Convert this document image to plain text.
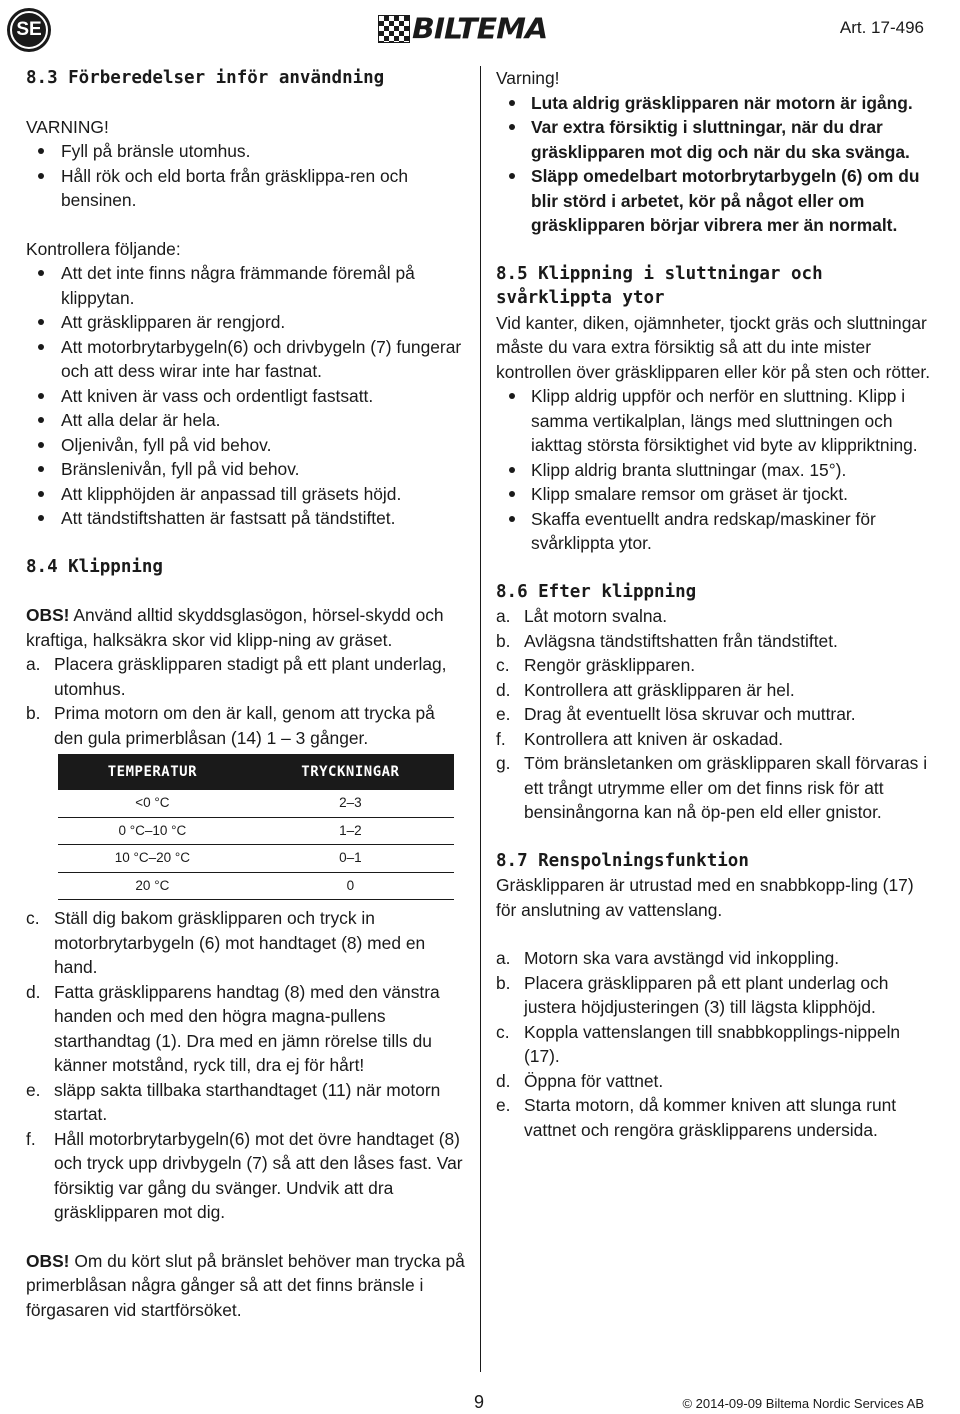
SE	BILTEMA	Art. 17-496

8.3 Förberedelser inför användning

VARNING!

Fyll på bränsle utomhus.
Håll rök och eld borta från gräsklippa-ren och bensinen.

Kontrollera följande:

Att det inte finns några främmande föremål på klippytan.
Att gräsklipparen är rengjord.
Att motorbrytarbygeln(6) och drivbygeln (7) fungerar och att dess wirar inte har fastnat.
Att kniven är vass och ordentligt fastsatt.
Att alla delar är hela.
Oljenivån, fyll på vid behov.
Bränslenivån, fyll på vid behov.
Att klipphöjden är anpassad till gräsets höjd.
Att tändstiftshatten är fastsatt på tändstiftet.

8.4 Klippning

OBS! Använd alltid skyddsglasögon, hörsel-skydd och kraftiga, halksäkra skor vid klipp-ning av gräset.

a. Placera gräsklipparen stadigt på ett plant underlag, utomhus.
b. Prima motorn om den är kall, genom att trycka på den gula primerblåsan (14) 1 – 3 gånger.
TEMPERATUR	TRYCKNINGAR
<0 °C	2–3
0 °C–10 °C	1–2
10 °C–20 °C	0–1
20 °C	0
c. Ställ dig bakom gräsklipparen och tryck in motorbrytarbygeln (6) mot handtaget (8) med en hand.
d. Fatta gräsklipparens handtag (8) med den vänstra handen och med den högra magna-pullens starthandtag (1). Dra med en jämn rörelse tills du känner motstånd, ryck till, dra ej för hårt!
e. släpp sakta tillbaka starthandtaget (11) när motorn startat.
f. Håll motorbrytarbygeln(6) mot det övre handtaget (8) och tryck upp drivbygeln (7) så att den låses fast. Var försiktig var gång du svänger. Undvik att dra gräsklipparen mot dig.

OBS! Om du kört slut på bränslet behöver man trycka på primerblåsan några gånger så att det finns bränsle i förgasaren vid startförsöket.

Varning!

Luta aldrig gräsklipparen när motorn är igång.
Var extra försiktig i sluttningar, när du drar gräsklipparen mot dig och när du ska svänga.
Släpp omedelbart motorbrytarbygeln (6) om du blir störd i arbetet, kör på något eller om gräsklipparen börjar vibrera mer än normalt.

8.5 Klippning i sluttningar och svårklippta ytor

Vid kanter, diken, ojämnheter, tjockt gräs och sluttningar måste du vara extra försiktig så att du inte mister kontrollen över gräsklipparen eller kör på sten och rötter.

Klipp aldrig uppför och nerför en sluttning. Klipp i samma vertikalplan, längs med sluttningen och iakttag största försiktighet vid byte av klippriktning.
Klipp aldrig branta sluttningar (max. 15°).
Klipp smalare remsor om gräset är tjockt.
Skaffa eventuellt andra redskap/maskiner för svårklippta ytor.

8.6 Efter klippning

a. Låt motorn svalna.
b. Avlägsna tändstiftshatten från tändstiftet.
c. Rengör gräsklipparen.
d. Kontrollera att gräsklipparen är hel.
e. Drag åt eventuellt lösa skruvar och muttrar.
f. Kontrollera att kniven är oskadad.
g. Töm bränsletanken om gräsklipparen skall förvaras i ett trångt utrymme eller om det finns risk för att bensinångorna kan nå öp-pen eld eller gnistor.

8.7 Renspolningsfunktion

Gräsklipparen är utrustad med en snabbkopp-ling (17) för anslutning av vattenslang.

a. Motorn ska vara avstängd vid inkoppling.
b. Placera gräsklipparen på ett plant underlag och justera höjdjusteringen (3) till lägsta klipphöjd.
c. Koppla vattenslangen till snabbkopplings-nippeln (17).
d. Öppna för vattnet.
e. Starta motorn, då kommer kniven att slunga runt vattnet och rengöra gräsklipparens undersida.
9	© 2014-09-09 Biltema Nordic Services AB
